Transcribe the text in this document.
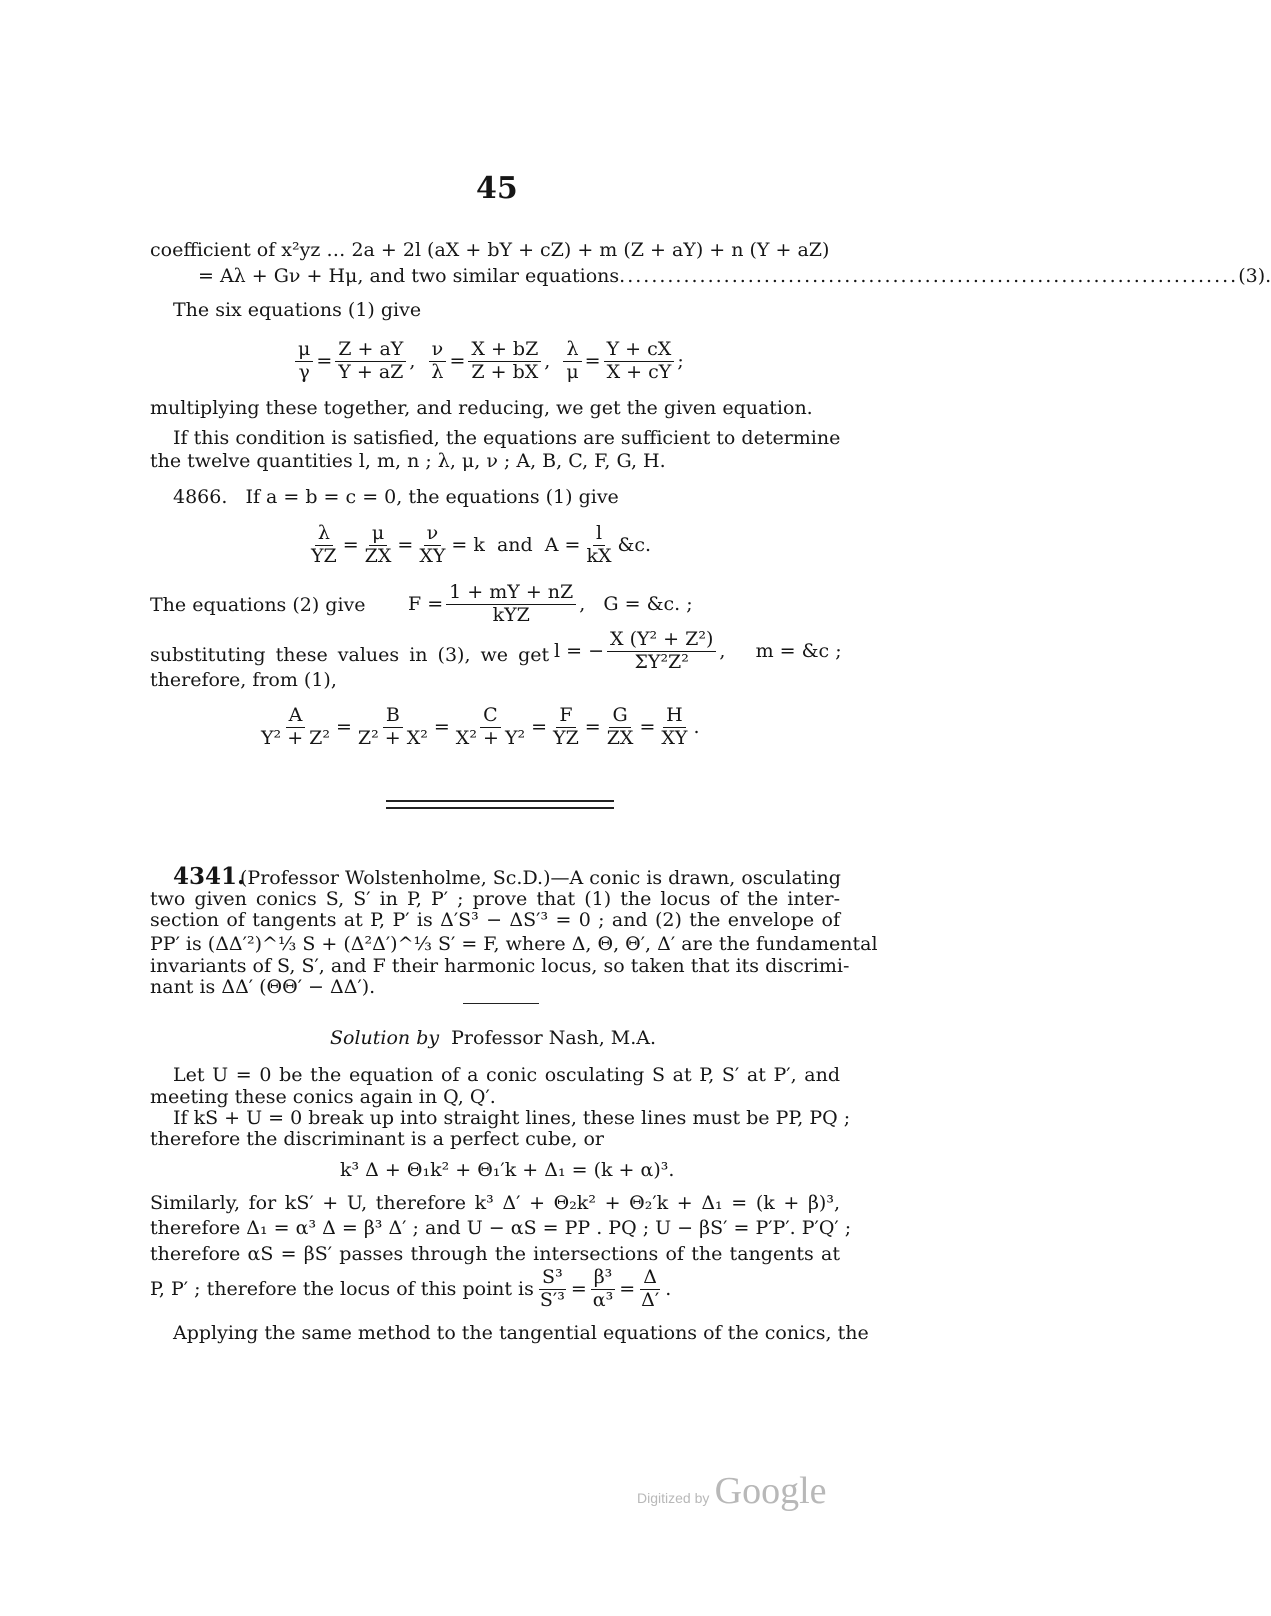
45
coefficient of x²yz … 2a + 2l (aX + bY + cZ) + m (Z + aY) + n (Y + aZ)
= Aλ + Gν + Hμ, and two similar equations ............................................................................. (3).
The six equations (1) give
$\frac{\mu}{\gamma} = \frac{Z + aY}{Y + aZ}$ , $\frac{\nu}{\lambda} = \frac{X + bZ}{Z + bX}$ , $\frac{\lambda}{\mu} = \frac{Y + cX}{X + cY}$ ;
multiplying these together, and reducing, we get the given equation.
If this condition is satisfied, the equations are sufficient to determine
the twelve quantities l, m, n ; λ, μ, ν ; A, B, C, F, G, H.
4866. If a = b = c = 0, the equations (1) give
$\frac{\lambda}{YZ} = \frac{\mu}{ZX} = \frac{\nu}{XY} = k$  and  $A = \frac{l}{kX}$ &c.
The equations (2) give F =
1 + mY + nZ
kYZ
,   G = &c. ;
substituting these values in (3), we get l = − $\frac{\text{X (Y² + Z²)}}{\text{ΣY²Z²}}$ ,     m = &c ;
therefore, from (1),
$\frac{A}{\text{Y² + Z²}} = \frac{B}{\text{Z² + X²}} = \frac{C}{\text{X² + Y²}} = \frac{F}{YZ} = \frac{G}{ZX} = \frac{H}{XY}$ .
4341.
(Professor Wolstenholme, Sc.D.)—A conic is drawn, osculating
two given conics S, S′ in P, P′ ; prove that (1) the locus of the inter-
section of tangents at P, P′ is Δ′S³ − ΔS′³ = 0 ; and (2) the envelope of
PP′ is (ΔΔ′²)^⅓ S + (Δ²Δ′)^⅓ S′ = F, where Δ, Θ, Θ′, Δ′ are the fundamental
invariants of S, S′, and F their harmonic locus, so taken that its discrimi-
nant is ΔΔ′ (ΘΘ′ − ΔΔ′).
Solution by Professor Nash, M.A.
Let U = 0 be the equation of a conic osculating S at P, S′ at P′, and
meeting these conics again in Q, Q′.
If kS + U = 0 break up into straight lines, these lines must be PP, PQ ;
therefore the discriminant is a perfect cube, or
k³ Δ + Θ₁k² + Θ₁′k + Δ₁ = (k + α)³.
Similarly, for kS′ + U, therefore k³ Δ′ + Θ₂k² + Θ₂′k + Δ₁ = (k + β)³,
therefore Δ₁ = α³ Δ = β³ Δ′ ; and U − αS = PP . PQ ; U − βS′ = P′P′. P′Q′ ;
therefore αS = βS′ passes through the intersections of the tangents at
P, P′ ; therefore the locus of this point is $\frac{\text{S³}}{\text{S′³}} = \frac{\text{β³}}{\text{α³}} = \frac{\Delta}{\Delta'}$ .
Applying the same method to the tangential equations of the conics, the
Digitized by Google
